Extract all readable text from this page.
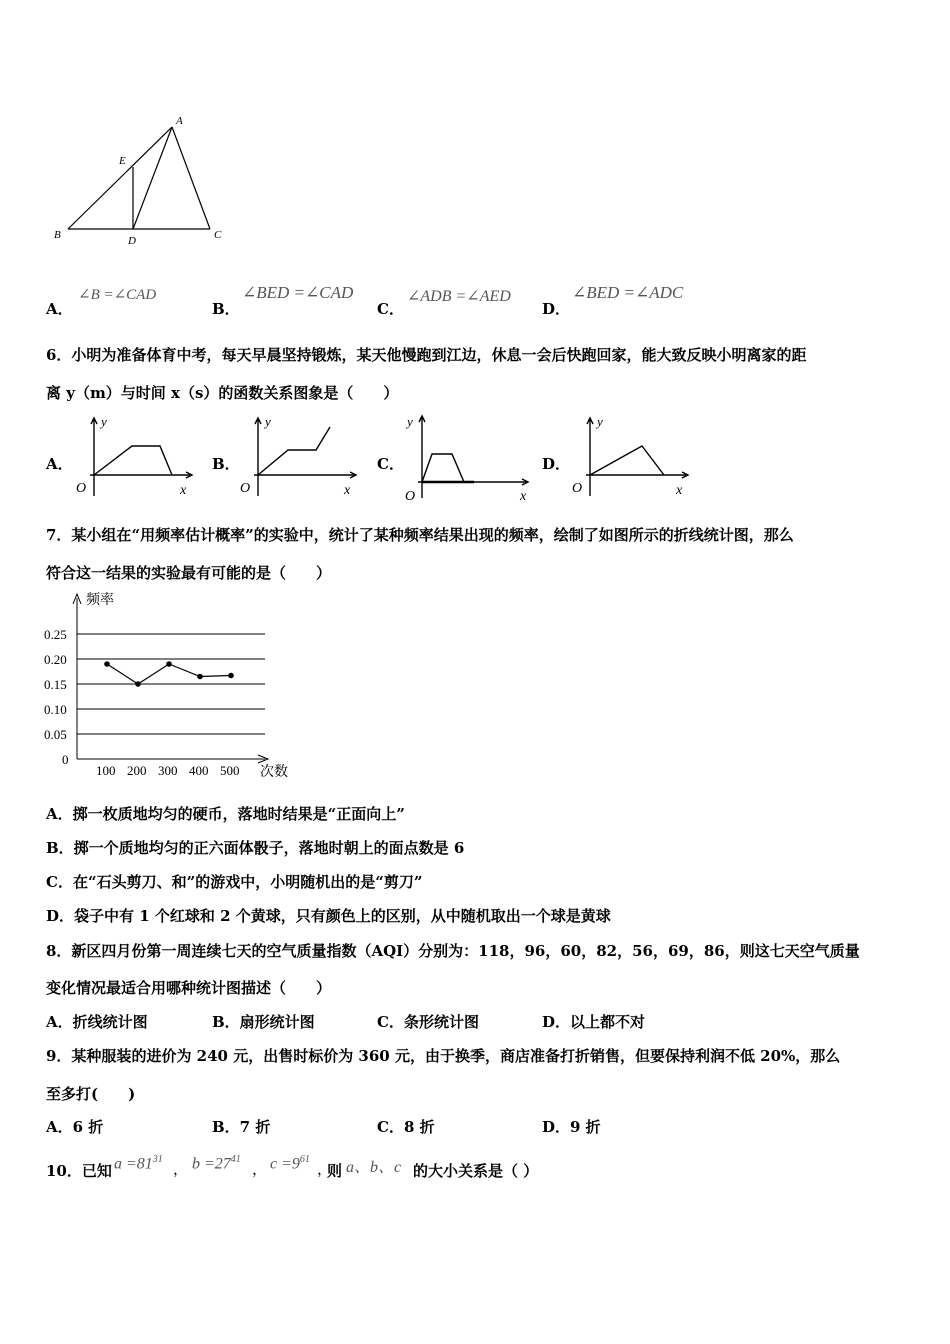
A
E
B	D	C
A．
∠B =∠CAD
B．
∠BED =∠CAD
C．
∠ADB =∠AED
D．
∠BED =∠ADC
6．小明为准备体育中考，每天早晨坚持锻炼，某天他慢跑到江边，休息一会后快跑回家，能大致反映小明离家的距
离 y（m）与时间 x（s）的函数关系图象是（　　）
A．
y
O	x
B．
y
O	x
C．
y
O	x
D．
y
O	x
7．某小组在“用频率估计概率”的实验中，统计了某种频率结果出现的频率，绘制了如图所示的折线统计图，那么
符合这一结果的实验最有可能的是（　　）
0.25
0.20
0.15
0.10
0.05
0
100 200 300 400 500
频率
次数
A．掷一枚质地均匀的硬币，落地时结果是“正面向上”
B．掷一个质地均匀的正六面体骰子，落地时朝上的面点数是 6
C．在“石头剪刀、和”的游戏中，小明随机出的是“剪刀”
D．袋子中有 1 个红球和 2 个黄球，只有颜色上的区别，从中随机取出一个球是黄球
8．新区四月份第一周连续七天的空气质量指数（AQI）分别为：118，96，60，82，56，69，86，则这七天空气质量
变化情况最适合用哪种统计图描述（　　）
A．折线统计图	B．扇形统计图	C．条形统计图	D．以上都不对
9．某种服装的进价为 240 元，出售时标价为 360 元，由于换季，商店准备打折销售，但要保持利润不低 20%，那么
至多打(　　)
A．6 折	B．7 折	C．8 折	D．9 折
10．已知 $a =81^{31}$
， $b =27^{41}$
， $c =9^{61}$
，
则 a、b、c 的大小关系是（ ）
